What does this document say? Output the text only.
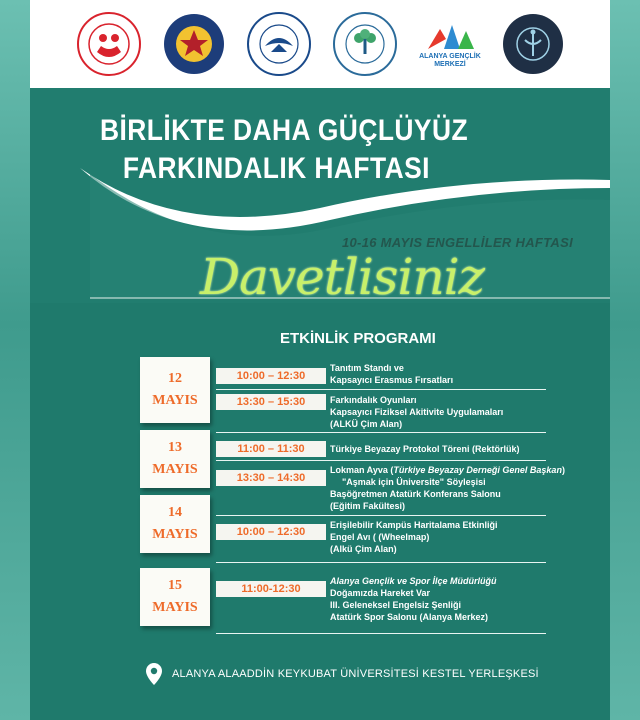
ALANYA GENÇLİK MERKEZİ
BİRLİKTE DAHA GÜÇLÜYÜZ
FARKINDALIK HAFTASI
10-16 MAYIS ENGELLİLER HAFTASI
Davetlisiniz
ETKİNLİK PROGRAMI
12
MAYIS
13
MAYIS
14
MAYIS
15
MAYIS
10:00 – 12:30
Tanıtım Standı ve
Kapsayıcı Erasmus Fırsatları
13:30 – 15:30	Farkındalık Oyunları
Kapsayıcı Fiziksel Akitivite Uygulamaları
(ALKÜ Çim Alan)
11:00 – 11:30	Türkiye Beyazay Protokol Töreni (Rektörlük)
13:30 – 14:30
Lokman Ayva (Türkiye Beyazay Derneği Genel Başkan)
"Aşmak için Üniversite" Söyleşisi
Başöğretmen Atatürk Konferans Salonu
(Eğitim Fakültesi)
10:00 – 12:30
Erişilebilir Kampüs Haritalama Etkinliği
Engel Avı ( (Wheelmap)
(Alkü Çim Alan)
11:00-12:30
Alanya Gençlik ve Spor İlçe Müdürlüğü
Doğamızda Hareket Var
III. Geleneksel Engelsiz Şenliği
Atatürk Spor Salonu (Alanya Merkez)
ALANYA ALAADDİN KEYKUBAT ÜNİVERSİTESİ KESTEL YERLEŞKESİ
